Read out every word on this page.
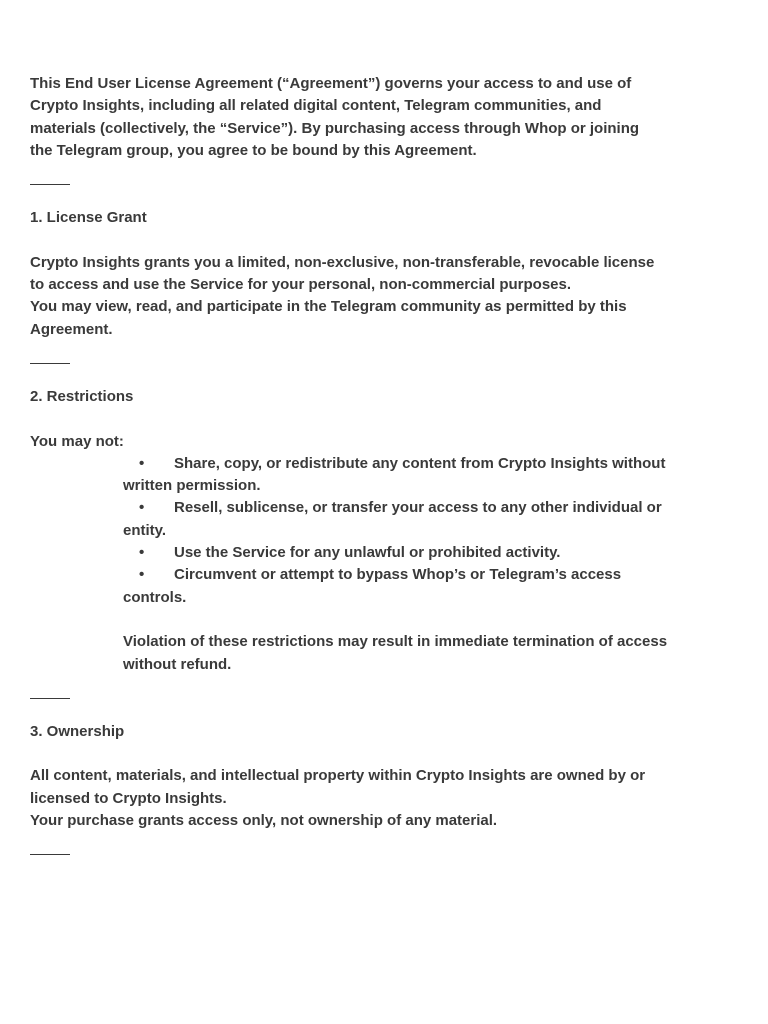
This End User License Agreement (“Agreement”) governs your access to and use of
Crypto Insights, including all related digital content, Telegram communities, and
materials (collectively, the “Service”). By purchasing access through Whop or joining
the Telegram group, you agree to be bound by this Agreement.

1. License Grant

Crypto Insights grants you a limited, non-exclusive, non-transferable, revocable license
to access and use the Service for your personal, non-commercial purposes.
You may view, read, and participate in the Telegram community as permitted by this
Agreement.

2. Restrictions

You may not:

• Share, copy, or redistribute any content from Crypto Insights without
written permission.
• Resell, sublicense, or transfer your access to any other individual or
entity.
• Use the Service for any unlawful or prohibited activity.
• Circumvent or attempt to bypass Whop’s or Telegram’s access
controls.
Violation of these restrictions may result in immediate termination of access
without refund.

3. Ownership

All content, materials, and intellectual property within Crypto Insights are owned by or
licensed to Crypto Insights.
Your purchase grants access only, not ownership of any material.
